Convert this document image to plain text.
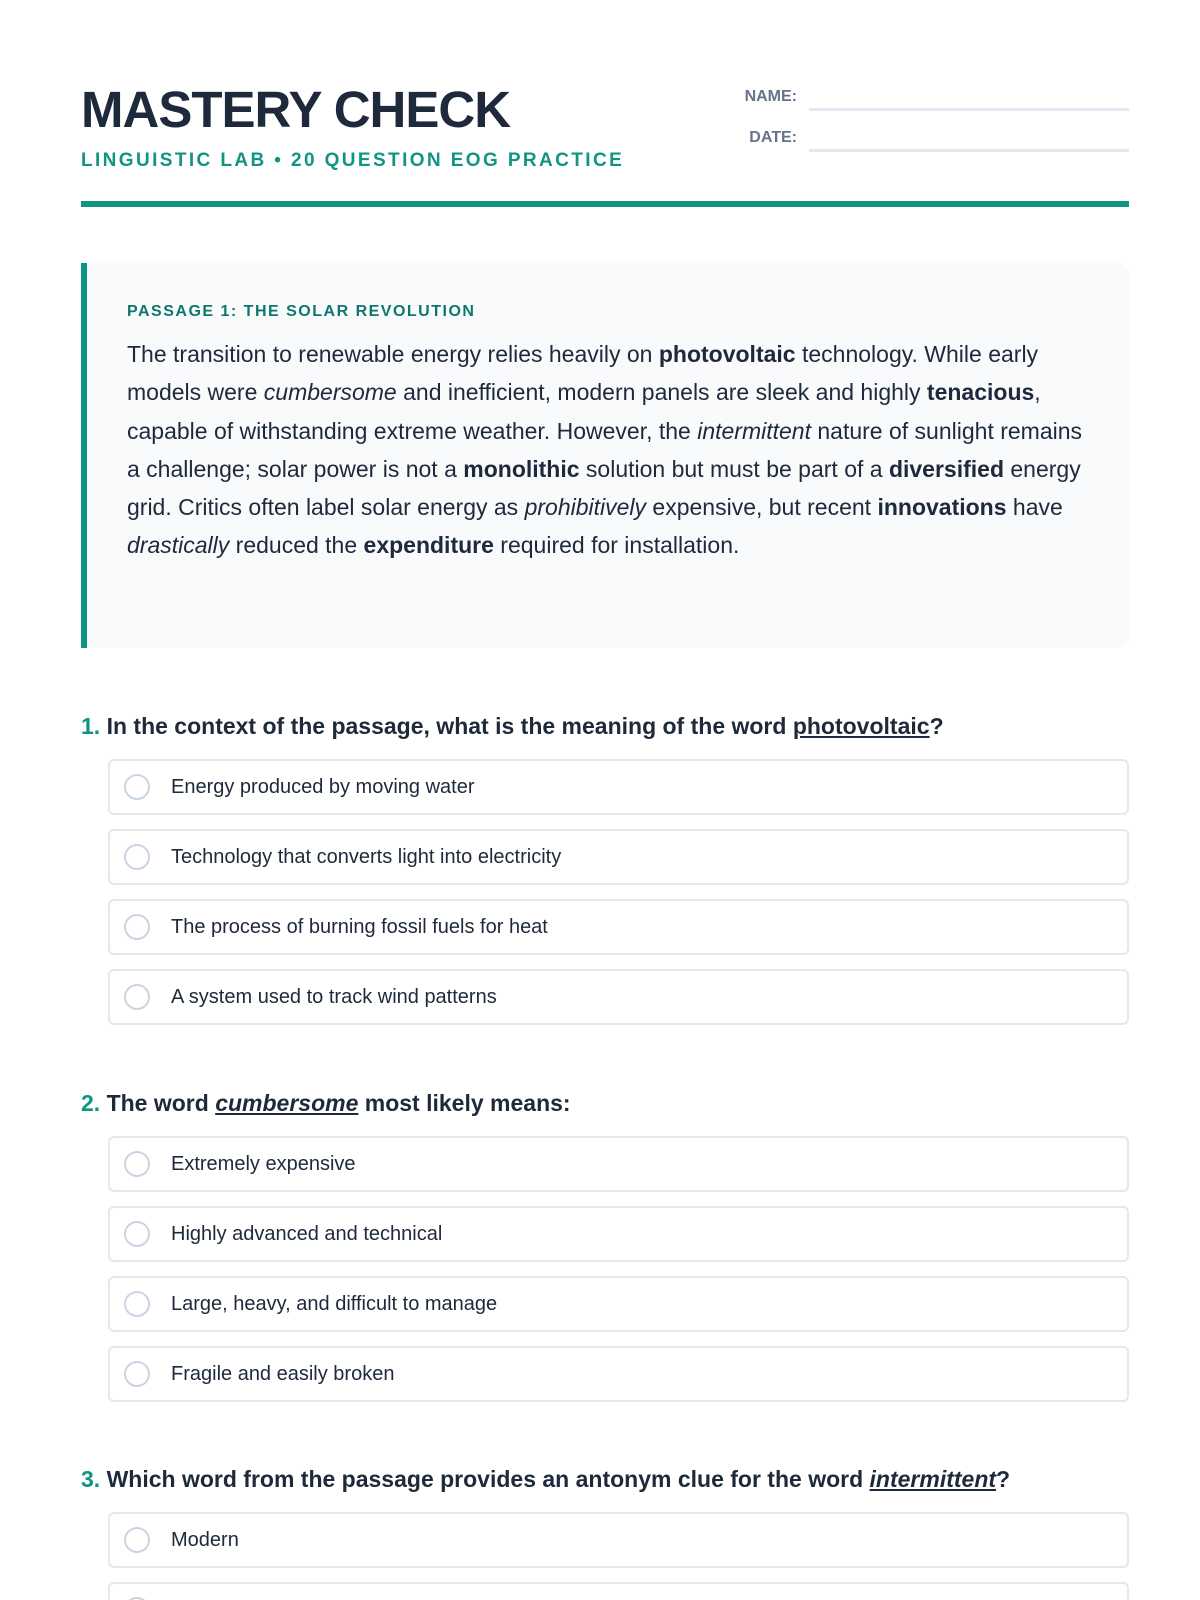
MASTERY CHECK
LINGUISTIC LAB • 20 QUESTION EOG PRACTICE
NAME:
DATE:
PASSAGE 1: THE SOLAR REVOLUTION
The transition to renewable energy relies heavily on photovoltaic technology. While early models were cumbersome and inefficient, modern panels are sleek and highly tenacious, capable of withstanding extreme weather. However, the intermittent nature of sunlight remains a challenge; solar power is not a monolithic solution but must be part of a diversified energy grid. Critics often label solar energy as prohibitively expensive, but recent innovations have drastically reduced the expenditure required for installation.
1. In the context of the passage, what is the meaning of the word photovoltaic?
Energy produced by moving water
Technology that converts light into electricity
The process of burning fossil fuels for heat
A system used to track wind patterns
2. The word cumbersome most likely means:
Extremely expensive
Highly advanced and technical
Large, heavy, and difficult to manage
Fragile and easily broken
3. Which word from the passage provides an antonym clue for the word intermittent?
Modern
